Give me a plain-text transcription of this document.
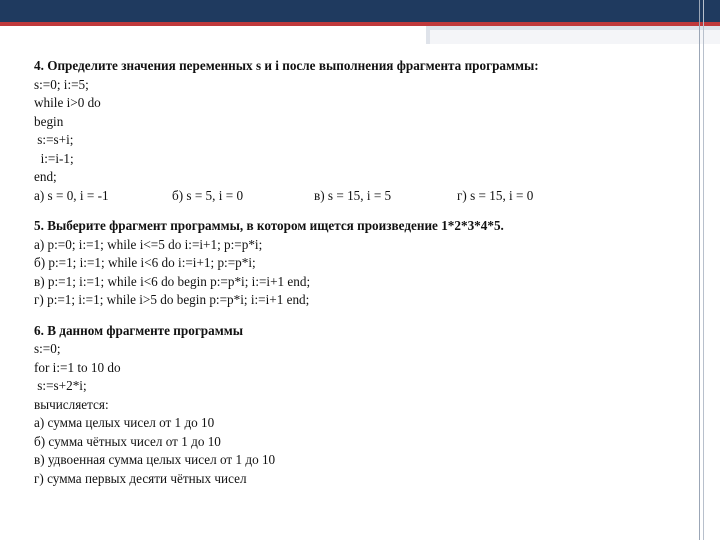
4. Определите значения переменных s и i после выполнения фрагмента программы:
s:=0; i:=5;
while i>0 do
begin
s:=s+i;
i:=i-1;
end;
а) s = 0, i = -1	б) s = 5, i = 0	в) s = 15, i = 5	г) s = 15, i = 0
5. Выберите фрагмент программы, в котором ищется произведение 1*2*3*4*5.
а) p:=0; i:=1; while i<=5 do i:=i+1; p:=p*i;
б) p:=1; i:=1; while i<6 do i:=i+1; p:=p*i;
в) p:=1; i:=1; while i<6 do begin p:=p*i; i:=i+1 end;
г) p:=1; i:=1; while i>5 do begin p:=p*i; i:=i+1 end;
6. В данном фрагменте программы
s:=0;
for i:=1 to 10 do
s:=s+2*i;
вычисляется:
а) сумма целых чисел от 1 до 10
б) сумма чётных чисел от 1 до 10
в) удвоенная сумма целых чисел от 1 до 10
г) сумма первых десяти чётных чисел
